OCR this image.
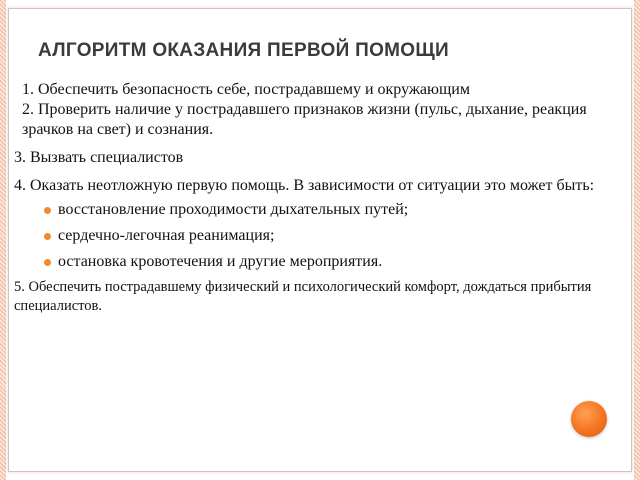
АЛГОРИТМ ОКАЗАНИЯ ПЕРВОЙ ПОМОЩИ

1. Обеспечить безопасность себе, пострадавшему и окружающим

2. Проверить наличие у пострадавшего признаков жизни (пульс, дыхание, реакция зрачков на свет) и сознания.

3. Вызвать специалистов

4. Оказать неотложную первую помощь. В зависимости от ситуации это может быть:

восстановление проходимости дыхательных путей;
сердечно-легочная реанимация;
остановка кровотечения и другие мероприятия.

5. Обеспечить пострадавшему физический и психологический комфорт, дождаться прибытия специалистов.
